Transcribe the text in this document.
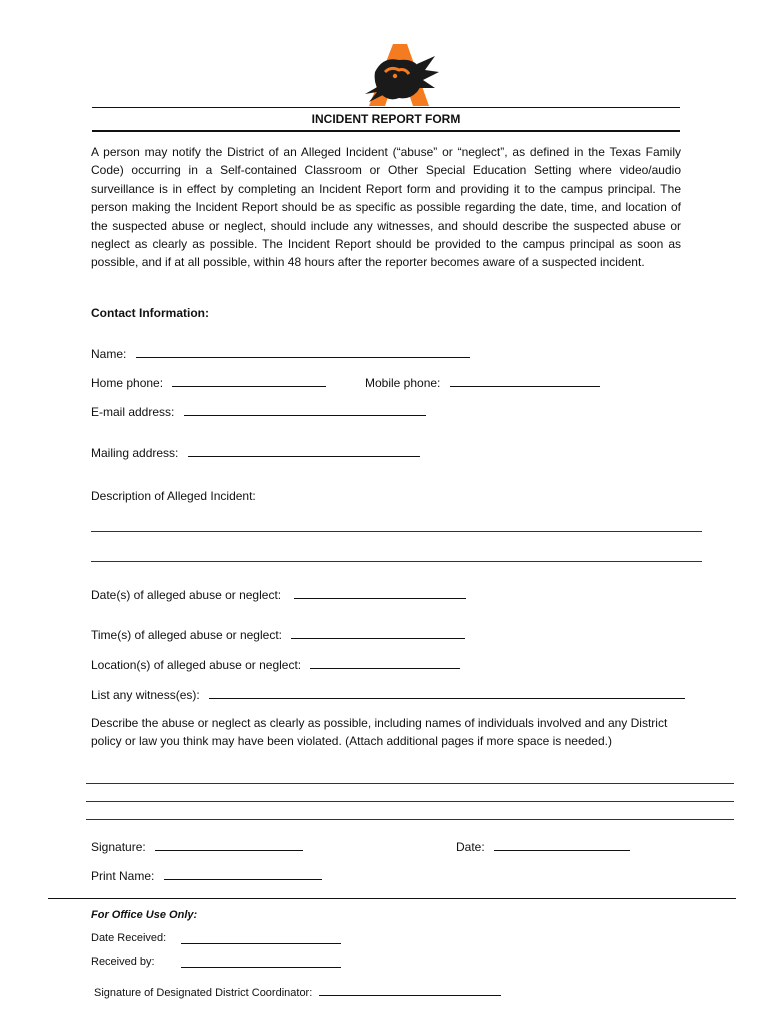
INCIDENT REPORT FORM
A person may notify the District of an Alleged Incident (“abuse” or “neglect”, as defined in the Texas Family Code) occurring in a Self-contained Classroom or Other Special Education Setting where video/audio surveillance is in effect by completing an Incident Report form and providing it to the campus principal. The person making the Incident Report should be as specific as possible regarding the date, time, and location of the suspected abuse or neglect, should include any witnesses, and should describe the suspected abuse or neglect as clearly as possible. The Incident Report should be provided to the campus principal as soon as possible, and if at all possible, within 48 hours after the reporter becomes aware of a suspected incident.
Contact Information:
Name:
Home phone:	Mobile phone:
E-mail address:
Mailing address:
Description of Alleged Incident:
Date(s) of alleged abuse or neglect:
Time(s) of alleged abuse or neglect:
Location(s) of alleged abuse or neglect:
List any witness(es):
Describe the abuse or neglect as clearly as possible, including names of individuals involved and any District policy or law you think may have been violated. (Attach additional pages if more space is needed.)
Signature:	Date:
Print Name:
For Office Use Only:
Date Received:
Received by:
Signature of Designated District Coordinator:
